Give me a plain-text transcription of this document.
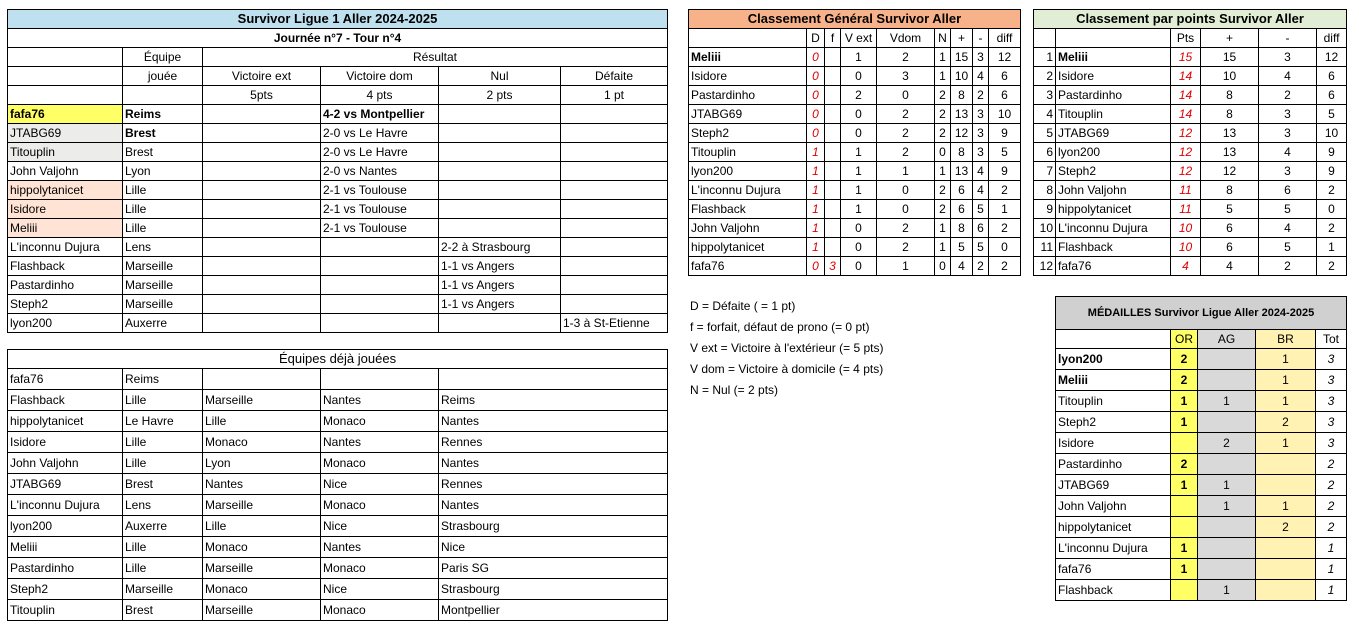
Survivor Ligue 1 Aller 2024-2025					
Journée n°7 - Tour n°4					
	Équipe	Résultat			
	jouée	Victoire ext	Victoire dom	Nul	Défaite
		5pts	4 pts	2 pts	1 pt
fafa76	Reims		4-2 vs Montpellier		
JTABG69	Brest		2-0 vs Le Havre		
Titouplin	Brest		2-0 vs Le Havre		
John Valjohn	Lyon		2-0 vs Nantes		
hippolytanicet	Lille		2-1 vs Toulouse		
Isidore	Lille		2-1 vs Toulouse		
Meliii	Lille		2-1 vs Toulouse		
L'inconnu Dujura	Lens			2-2 à Strasbourg	
Flashback	Marseille			1-1 vs Angers	
Pastardinho	Marseille			1-1 vs Angers	
Steph2	Marseille			1-1 vs Angers	
lyon200	Auxerre				1-3 à St-Etienne
Équipes déjà jouées				
fafa76	Reims			
Flashback	Lille	Marseille	Nantes	Reims
hippolytanicet	Le Havre	Lille	Monaco	Nantes
Isidore	Lille	Monaco	Nantes	Rennes
John Valjohn	Lille	Lyon	Monaco	Nantes
JTABG69	Brest	Nantes	Nice	Rennes
L'inconnu Dujura	Lens	Marseille	Monaco	Nantes
lyon200	Auxerre	Lille	Nice	Strasbourg
Meliii	Lille	Monaco	Nantes	Nice
Pastardinho	Lille	Marseille	Monaco	Paris SG
Steph2	Marseille	Monaco	Nice	Strasbourg
Titouplin	Brest	Marseille	Monaco	Montpellier
Classement Général Survivor Aller								
	D	f	V ext	Vdom	N	+	-	diff
Meliii	0		1	2	1	15	3	12
Isidore	0		0	3	1	10	4	6
Pastardinho	0		2	0	2	8	2	6
JTABG69	0		0	2	2	13	3	10
Steph2	0		0	2	2	12	3	9
Titouplin	1		1	2	0	8	3	5
lyon200	1		1	1	1	13	4	9
L'inconnu Dujura	1		1	0	2	6	4	2
Flashback	1		1	0	2	6	5	1
John Valjohn	1		0	2	1	8	6	2
hippolytanicet	1		0	2	1	5	5	0
fafa76	0	3	0	1	0	4	2	2
D = Défaite ( = 1 pt)
f = forfait, défaut de prono (= 0 pt)
V ext = Victoire à l'extérieur (= 5 pts)
V dom = Victoire à domicile (= 4 pts)
N = Nul (= 2 pts)
Classement par points Survivor Aller					
		Pts	+	-	diff
1	Meliii	15	15	3	12
2	Isidore	14	10	4	6
3	Pastardinho	14	8	2	6
4	Titouplin	14	8	3	5
5	JTABG69	12	13	3	10
6	lyon200	12	13	4	9
7	Steph2	12	12	3	9
8	John Valjohn	11	8	6	2
9	hippolytanicet	11	5	5	0
10	L'inconnu Dujura	10	6	4	2
11	Flashback	10	6	5	1
12	fafa76	4	4	2	2
MÉDAILLES Survivor Ligue Aller 2024-2025				
	OR	AG	BR	Tot
lyon200	2		1	3
Meliii	2		1	3
Titouplin	1	1	1	3
Steph2	1		2	3
Isidore		2	1	3
Pastardinho	2			2
JTABG69	1	1		2
John Valjohn		1	1	2
hippolytanicet			2	2
L'inconnu Dujura	1			1
fafa76	1			1
Flashback		1		1
